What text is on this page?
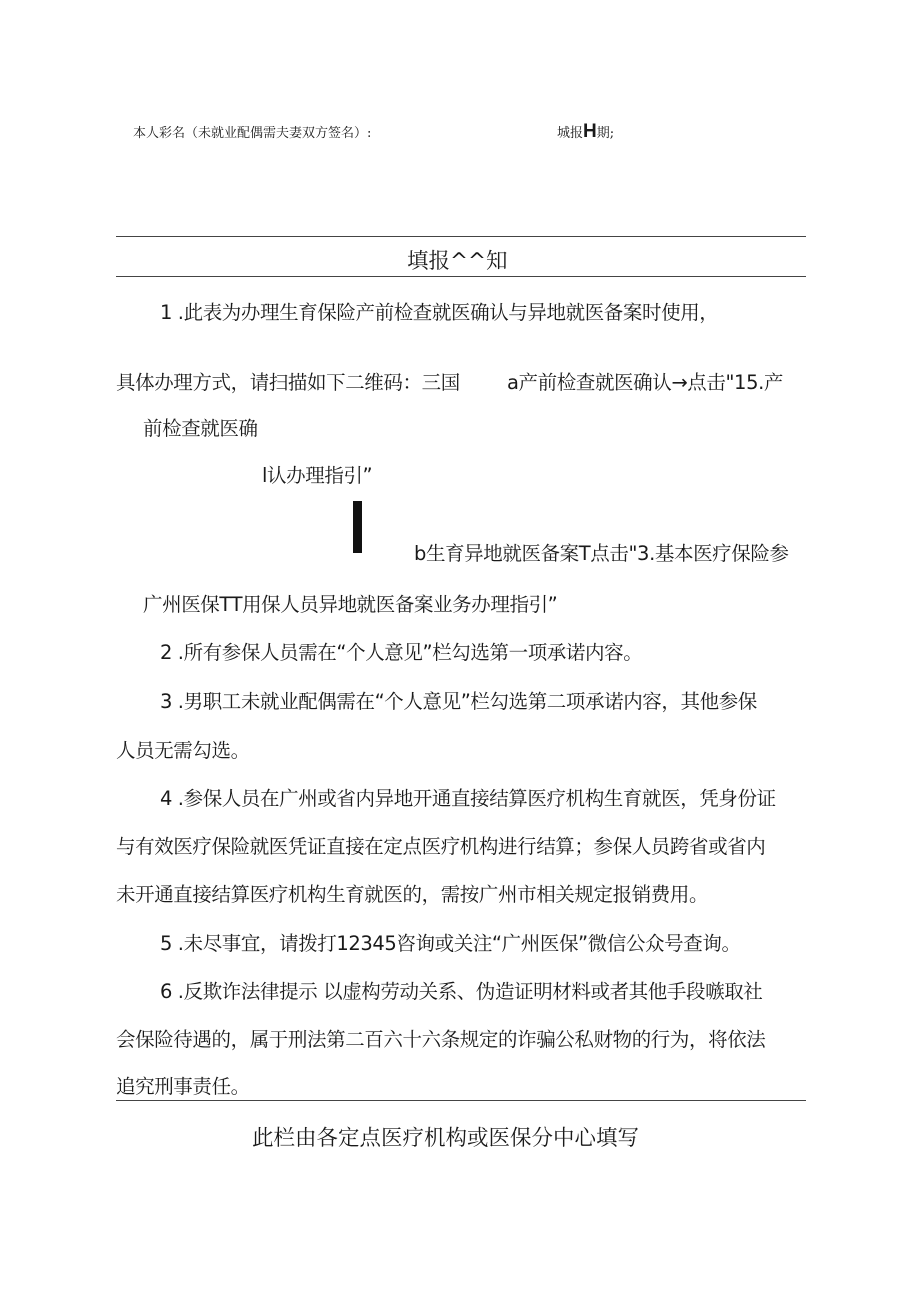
本人彩名（未就业配偶需夫妻双方签名）:	城报H期;
填报^^知
1 .此表为办理生育保险产前检查就医确认与异地就医备案时使用，
具体办理方式，请扫描如下二维码：三国 a产前检查就医确认→点击"15.产
前检查就医确
l认办理指引”
b生育异地就医备案T点击"3.基本医疗保险参
广州医保TT用保人员异地就医备案业务办理指引”
2 .所有参保人员需在“个人意见”栏勾选第一项承诺内容。
3 .男职工未就业配偶需在“个人意见”栏勾选第二项承诺内容，其他参保
人员无需勾选。
4 .参保人员在广州或省内异地开通直接结算医疗机构生育就医，凭身份证
与有效医疗保险就医凭证直接在定点医疗机构进行结算；参保人员跨省或省内
未开通直接结算医疗机构生育就医的，需按广州市相关规定报销费用。
5 .未尽事宜，请拨打12345咨询或关注“广州医保”微信公众号查询。
6 .反欺诈法律提示 以虚构劳动关系、伪造证明材料或者其他手段嗾取社
会保险待遇的，属于刑法第二百六十六条规定的诈骗公私财物的行为，将依法
追究刑事责任。
此栏由各定点医疗机构或医保分中心填写
